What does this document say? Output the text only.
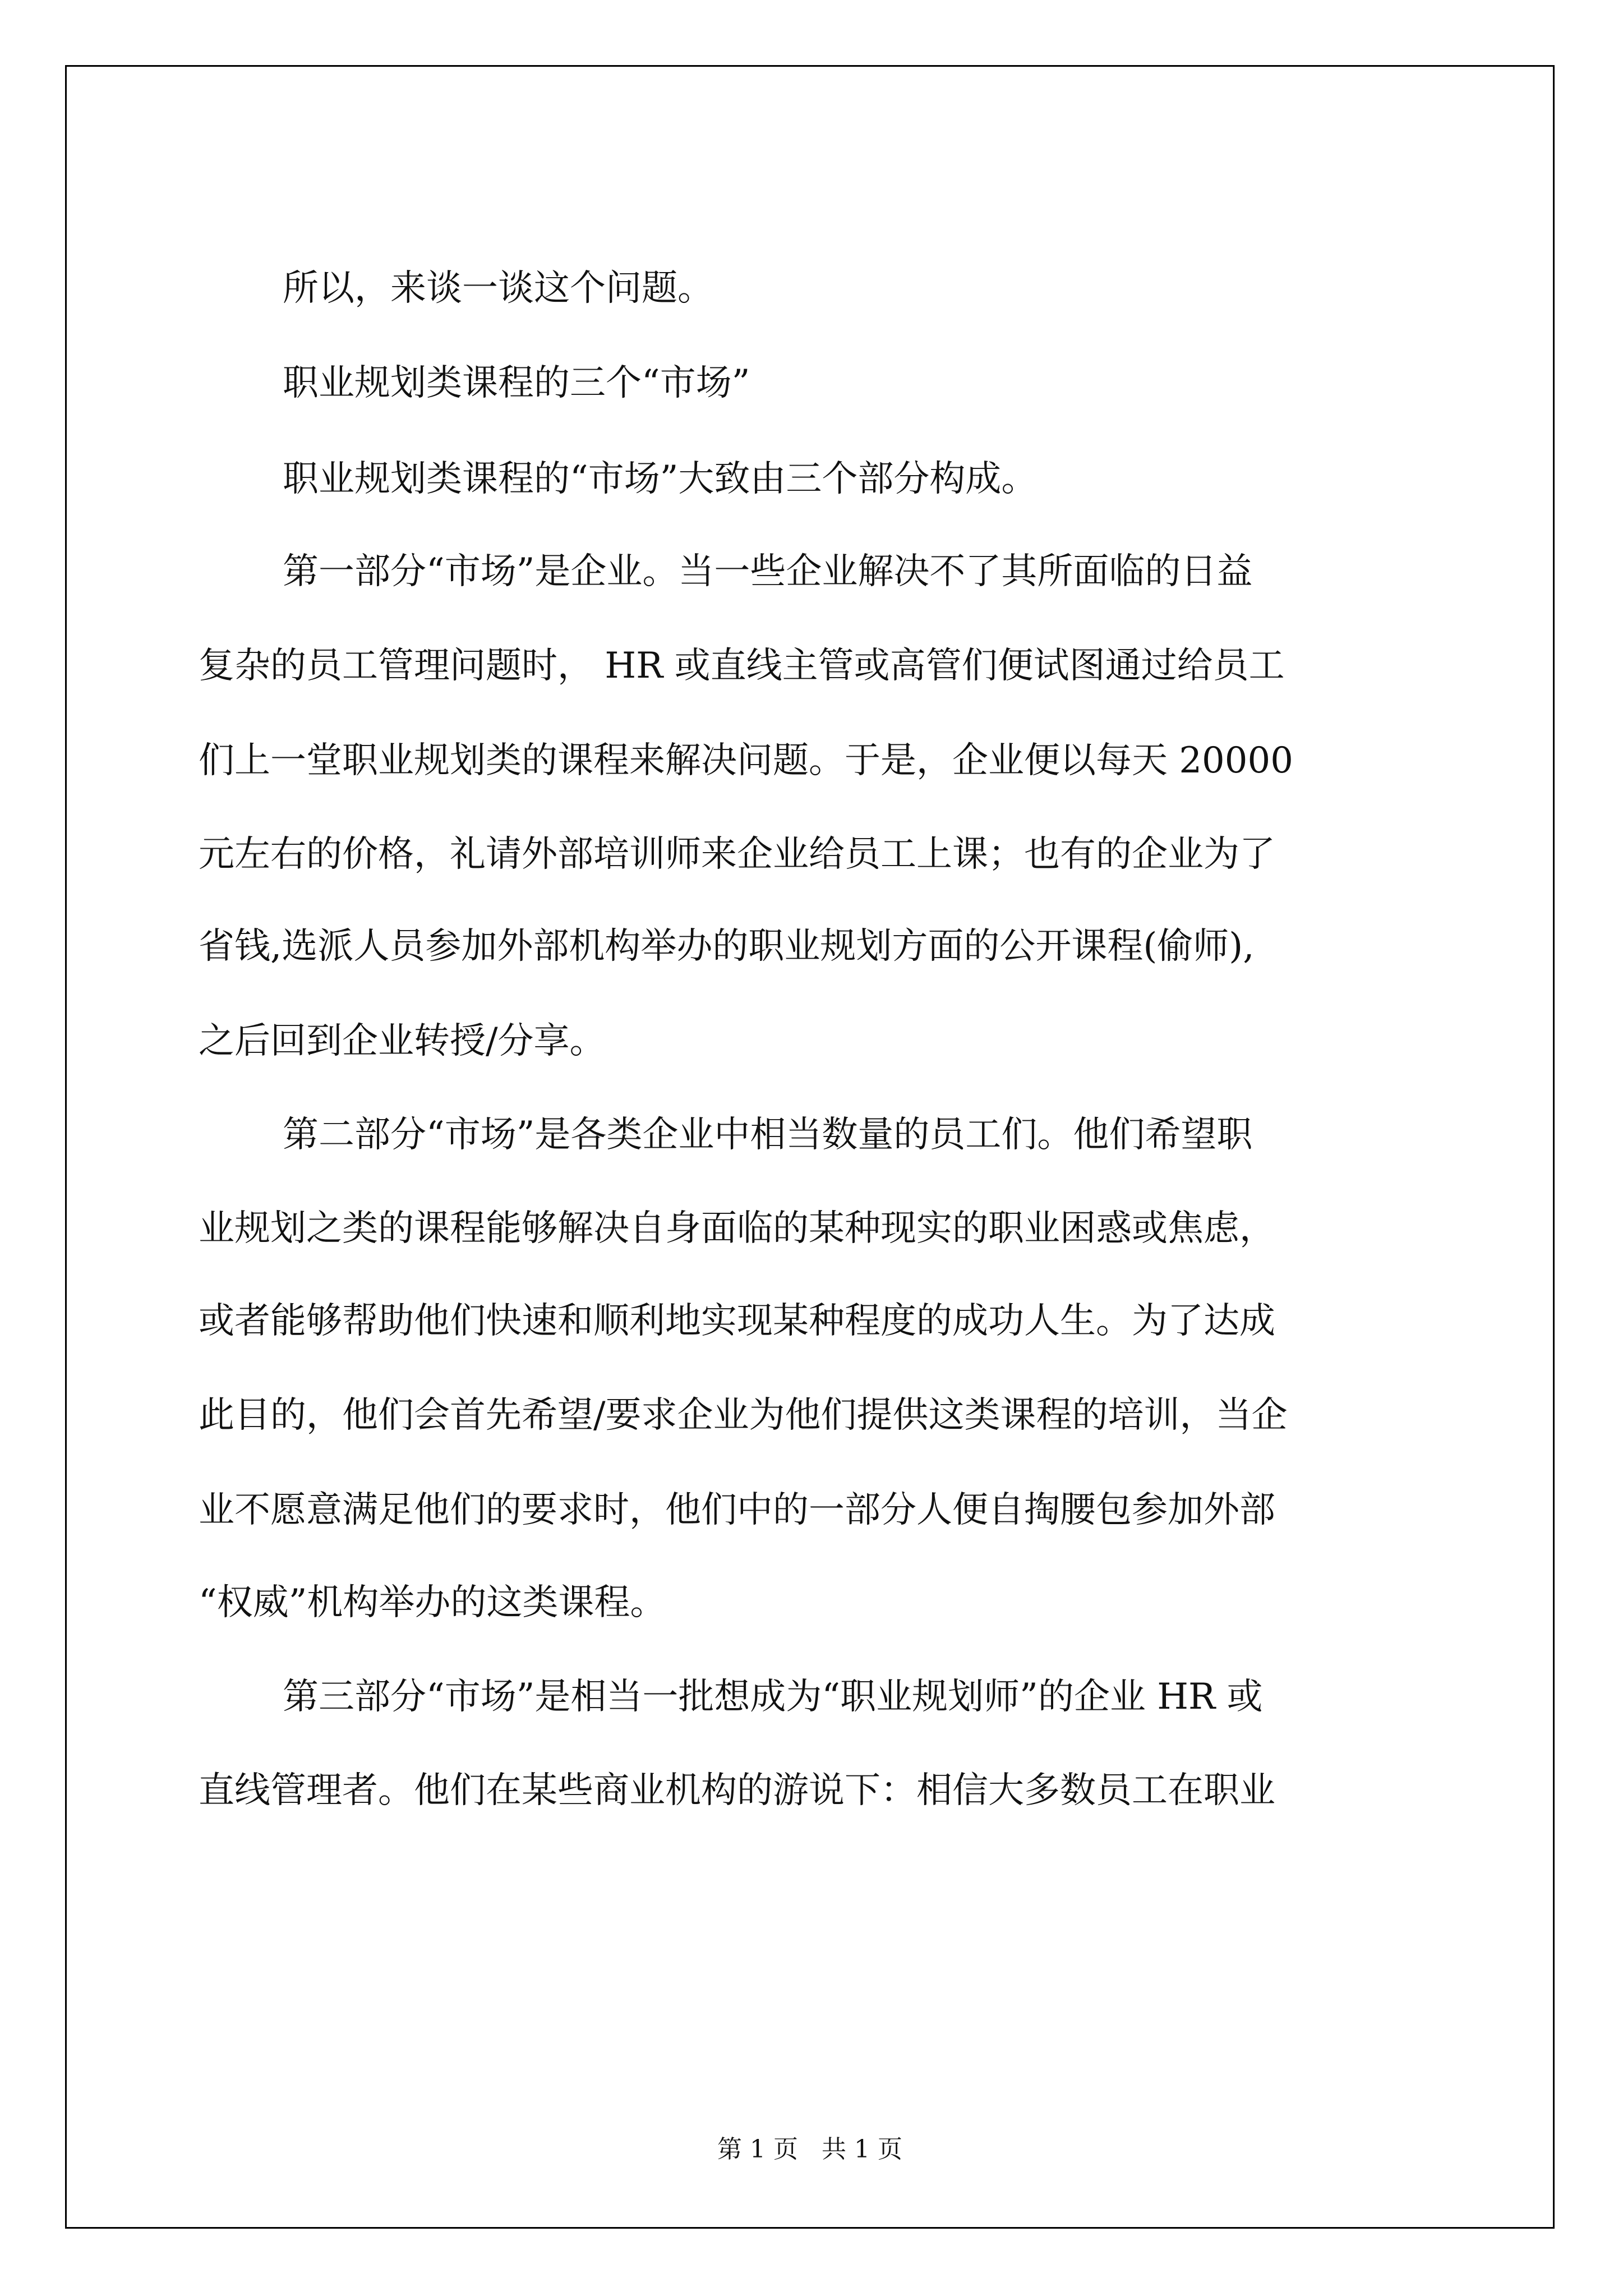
所以，来谈一谈这个问题。
职业规划类课程的三个“市场”
职业规划类课程的“市场”大致由三个部分构成。
第一部分“市场”是企业。当一些企业解决不了其所面临的日益
复杂的员工管理问题时， HR 或直线主管或高管们便试图通过给员工
们上一堂职业规划类的课程来解决问题。于是，企业便以每天 20000
元左右的价格，礼请外部培训师来企业给员工上课；也有的企业为了
省钱,选派人员参加外部机构举办的职业规划方面的公开课程(偷师),
之后回到企业转授/分享。
第二部分“市场”是各类企业中相当数量的员工们。他们希望职
业规划之类的课程能够解决自身面临的某种现实的职业困惑或焦虑，
或者能够帮助他们快速和顺利地实现某种程度的成功人生。为了达成
此目的，他们会首先希望/要求企业为他们提供这类课程的培训，当企
业不愿意满足他们的要求时，他们中的一部分人便自掏腰包参加外部
“权威”机构举办的这类课程。
第三部分“市场”是相当一批想成为“职业规划师”的企业 HR 或
直线管理者。他们在某些商业机构的游说下：相信大多数员工在职业
第 1 页   共 1 页
